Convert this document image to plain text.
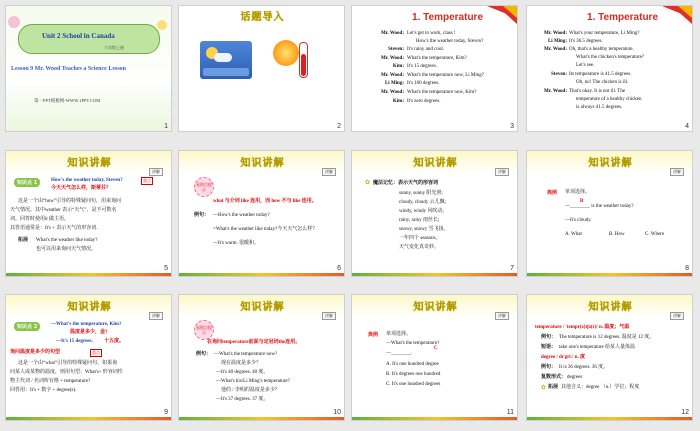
Unit 2 School in Canada
六年级上册
Lesson 9 Mr. Wood Teaches a Science Lesson
第一PPT模板网-WWW.1PPT.COM
1
话题导入
2
1. Temperature
Mr. Wood: Let's get to work, class !
How's the weather today, Steven?
Steven: It's rainy and cool.
Mr. Wood: What's the temperature, Kim?
Kim: It's 15 degrees.
Mr. Wood: What's the temperature now, Li Ming?
Li Ming: It's 100 degrees.
Mr. Wood: What's the temperature now, Kim?
Kim: It's zero degrees.
3
1. Temperature
Mr. Wood: What's your temperature, Li Ming?
Li Ming: It's 36.5 degrees.
Mr. Wood: Oh, that's a healthy temperature.
What's the chicken's temperature?
Let's see.
Steven: Its temperature is 41.5 degrees.
Oh, no! The chicken is ill.
Mr. Wood: That's okay. It is not ill. The
temperature of a healthy chicken
is always 41.5 degrees.
4
知识讲解
讲解
知识点 1	How's the weather today, Steven?	重点
今天天气怎么样，斯蒂芬？
这是一个由“how”引导的特殊疑问句，用来询问
天气情况。其中weather 表示“天气”，是不可数名
词。回答时使用it 做主语。
其答语通常是：It's + 表示天气的形容词.
拓展 What's the weather like today?
也可以用来询问天气情况。
5
知识讲解
讲解
易错点提示
what 与介词 like 连用，而 how 不与 like 连用。
例句： —How's the weather today?
=What's the weather like today?今天天气怎么样？
—It's warm. 很暖和。
6
知识讲解
讲解
✿ 魔法记忆：表示天气的形容词
sunny, sunny 阳光照;
cloudy, cloudy 云儿飘;
windy, windy 风吹动;
rainy, rainy 雨丝长;
snowy, snowy 雪飞扬。
一年四个 seasons，
天气变化真奇妙。
7
知识讲解
讲解
典例 单项选择。
B
—________ is the weather today?
—It's cloudy.
A. What	B. How	C. Where
8
知识讲解
讲解
知识点 2	—What's the temperature, Kim?
温度是多少，金?
—It's 15 degrees. 十五度。
询问温度是多少的句型	重点
这是一个由“what”引导的特殊疑问句，如果询
问某人或某物的温度，则用句型：What's+ 形容词性
物主代词 / 名词所有格 + temperature?
回答用：It's + 数字 + degree(s).
9
知识讲解
讲解
易错点提示
在询问temperature前面与定冠词the连用。
例句： —What's the temperature now?
现在温度是多少？
—It's 40 degrees. 40 度。
—What's his/Li Ming's temperature?
他的 / 李明的温度是多少？
—It's 37 degrees. 37 度。
10
知识讲解
讲解
典例 单项选择。
—What's the temperature?
C
—________.
A. It's one hundred degree
B. It's degrees one hundred
C. It's one hundred degrees
11
知识讲解
讲解
temperature / 'tempr(ə)tʃə(r)/ n. 温度；气温
例句： The temperature is 12 degrees. 温度是 12 度。
短语： take one's temperature 给某人量体温
degree / dɪ'griː/ n. 度
例句： It is 36 degrees. 36 度。
复数形式： degrees
✿ 拓展 其他含义：degree （n.）学位；程度
12
